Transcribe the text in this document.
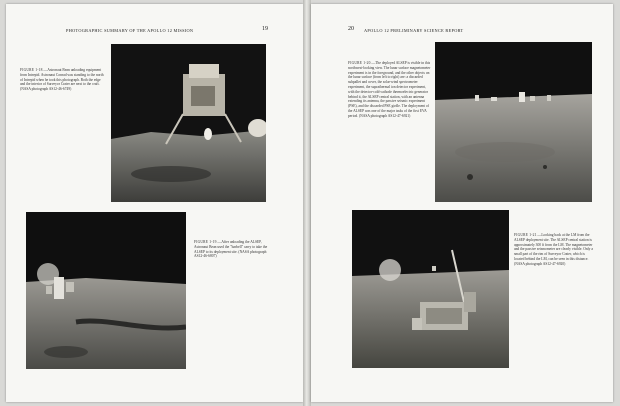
PHOTOGRAPHIC SUMMARY OF THE APOLLO 12 MISSION	19
FIGURE 1-18.—Astronaut Bean unloading equipment from Intrepid. Astronaut Conrad was standing to the north of Intrepid when he took this photograph. Both the edge and the interior of Surveyor Crater are next to the craft. (NASA photograph AS12-46-6749)
FIGURE 1-19.—After unloading the ALSEP, Astronaut Bean used the "barbell" carry to take the ALSEP to its deployment site. (NASA photograph AS12-46-6807)
20 APOLLO 12 PRELIMINARY SCIENCE REPORT
FIGURE 1-20.—The deployed ALSEP is visible in this northwest-looking view. The lunar surface magnetometer experiment is in the foreground, and the other objects on the lunar surface (from left to right) are: a discarded subpallet and cover, the solar-wind spectrometer experiment, the suprathermal ion detector experiment, with the detector-cold-cathode thermoelectric generator behind it, the ALSEP central station, with an antenna extending its antenna, the passive seismic experiment (PSE), and the discarded PSE girdle. The deployment of the ALSEP was one of the major tasks of the first EVA period. (NASA photograph AS12-47-6921)
FIGURE 1-21.—Looking back at the LM from the ALSEP deployment site. The ALSEP central station is approximately 300 ft from the LM. The magnetometer and the passive seismometer are clearly visible. Only a small part of the rim of Surveyor Crater, which is located behind the LM, can be seen in this distance. (NASA photograph AS12-47-6920)
